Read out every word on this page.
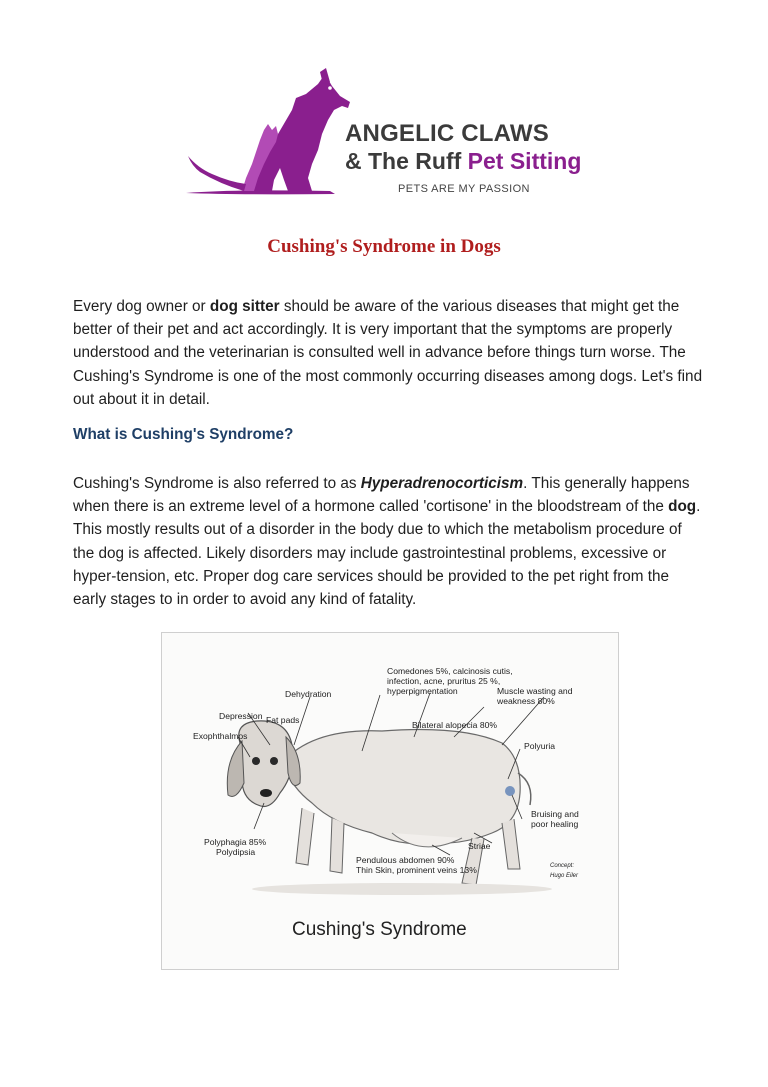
ANGELIC CLAWS
& The Ruff Pet Sitting
PETS ARE MY PASSION
Cushing's Syndrome in Dogs
Every dog owner or dog sitter should be aware of the various diseases that might get the better of their pet and act accordingly. It is very important that the symptoms are properly understood and the veterinarian is consulted well in advance before things turn worse. The Cushing's Syndrome is one of the most commonly occurring diseases among dogs. Let's find out about it in detail.
What is Cushing's Syndrome?
Cushing's Syndrome is also referred to as Hyperadrenocorticism. This generally happens when there is an extreme level of a hormone called 'cortisone' in the bloodstream of the dog. This mostly results out of a disorder in the body due to which the metabolism procedure of the dog is affected. Likely disorders may include gastrointestinal problems, excessive or hyper-tension, etc. Proper dog care services should be provided to the pet right from the early stages to in order to avoid any kind of fatality.
Comedones 5%, calcinosis cutis,
infection, acne, pruritus 25 %,
hyperpigmentation
Dehydration	Muscle wasting and
weakness 80%
Depression Fat pads	Bilateral alopecia 80%
Exophthalmos
Polyuria
Bruising and
poor healing
Polyphagia 85%
Polydipsia
Striae
Pendulous abdomen 90%
Thin Skin, prominent veins 13%	Concept:
Hugo Eiler
Cushing's Syndrome
